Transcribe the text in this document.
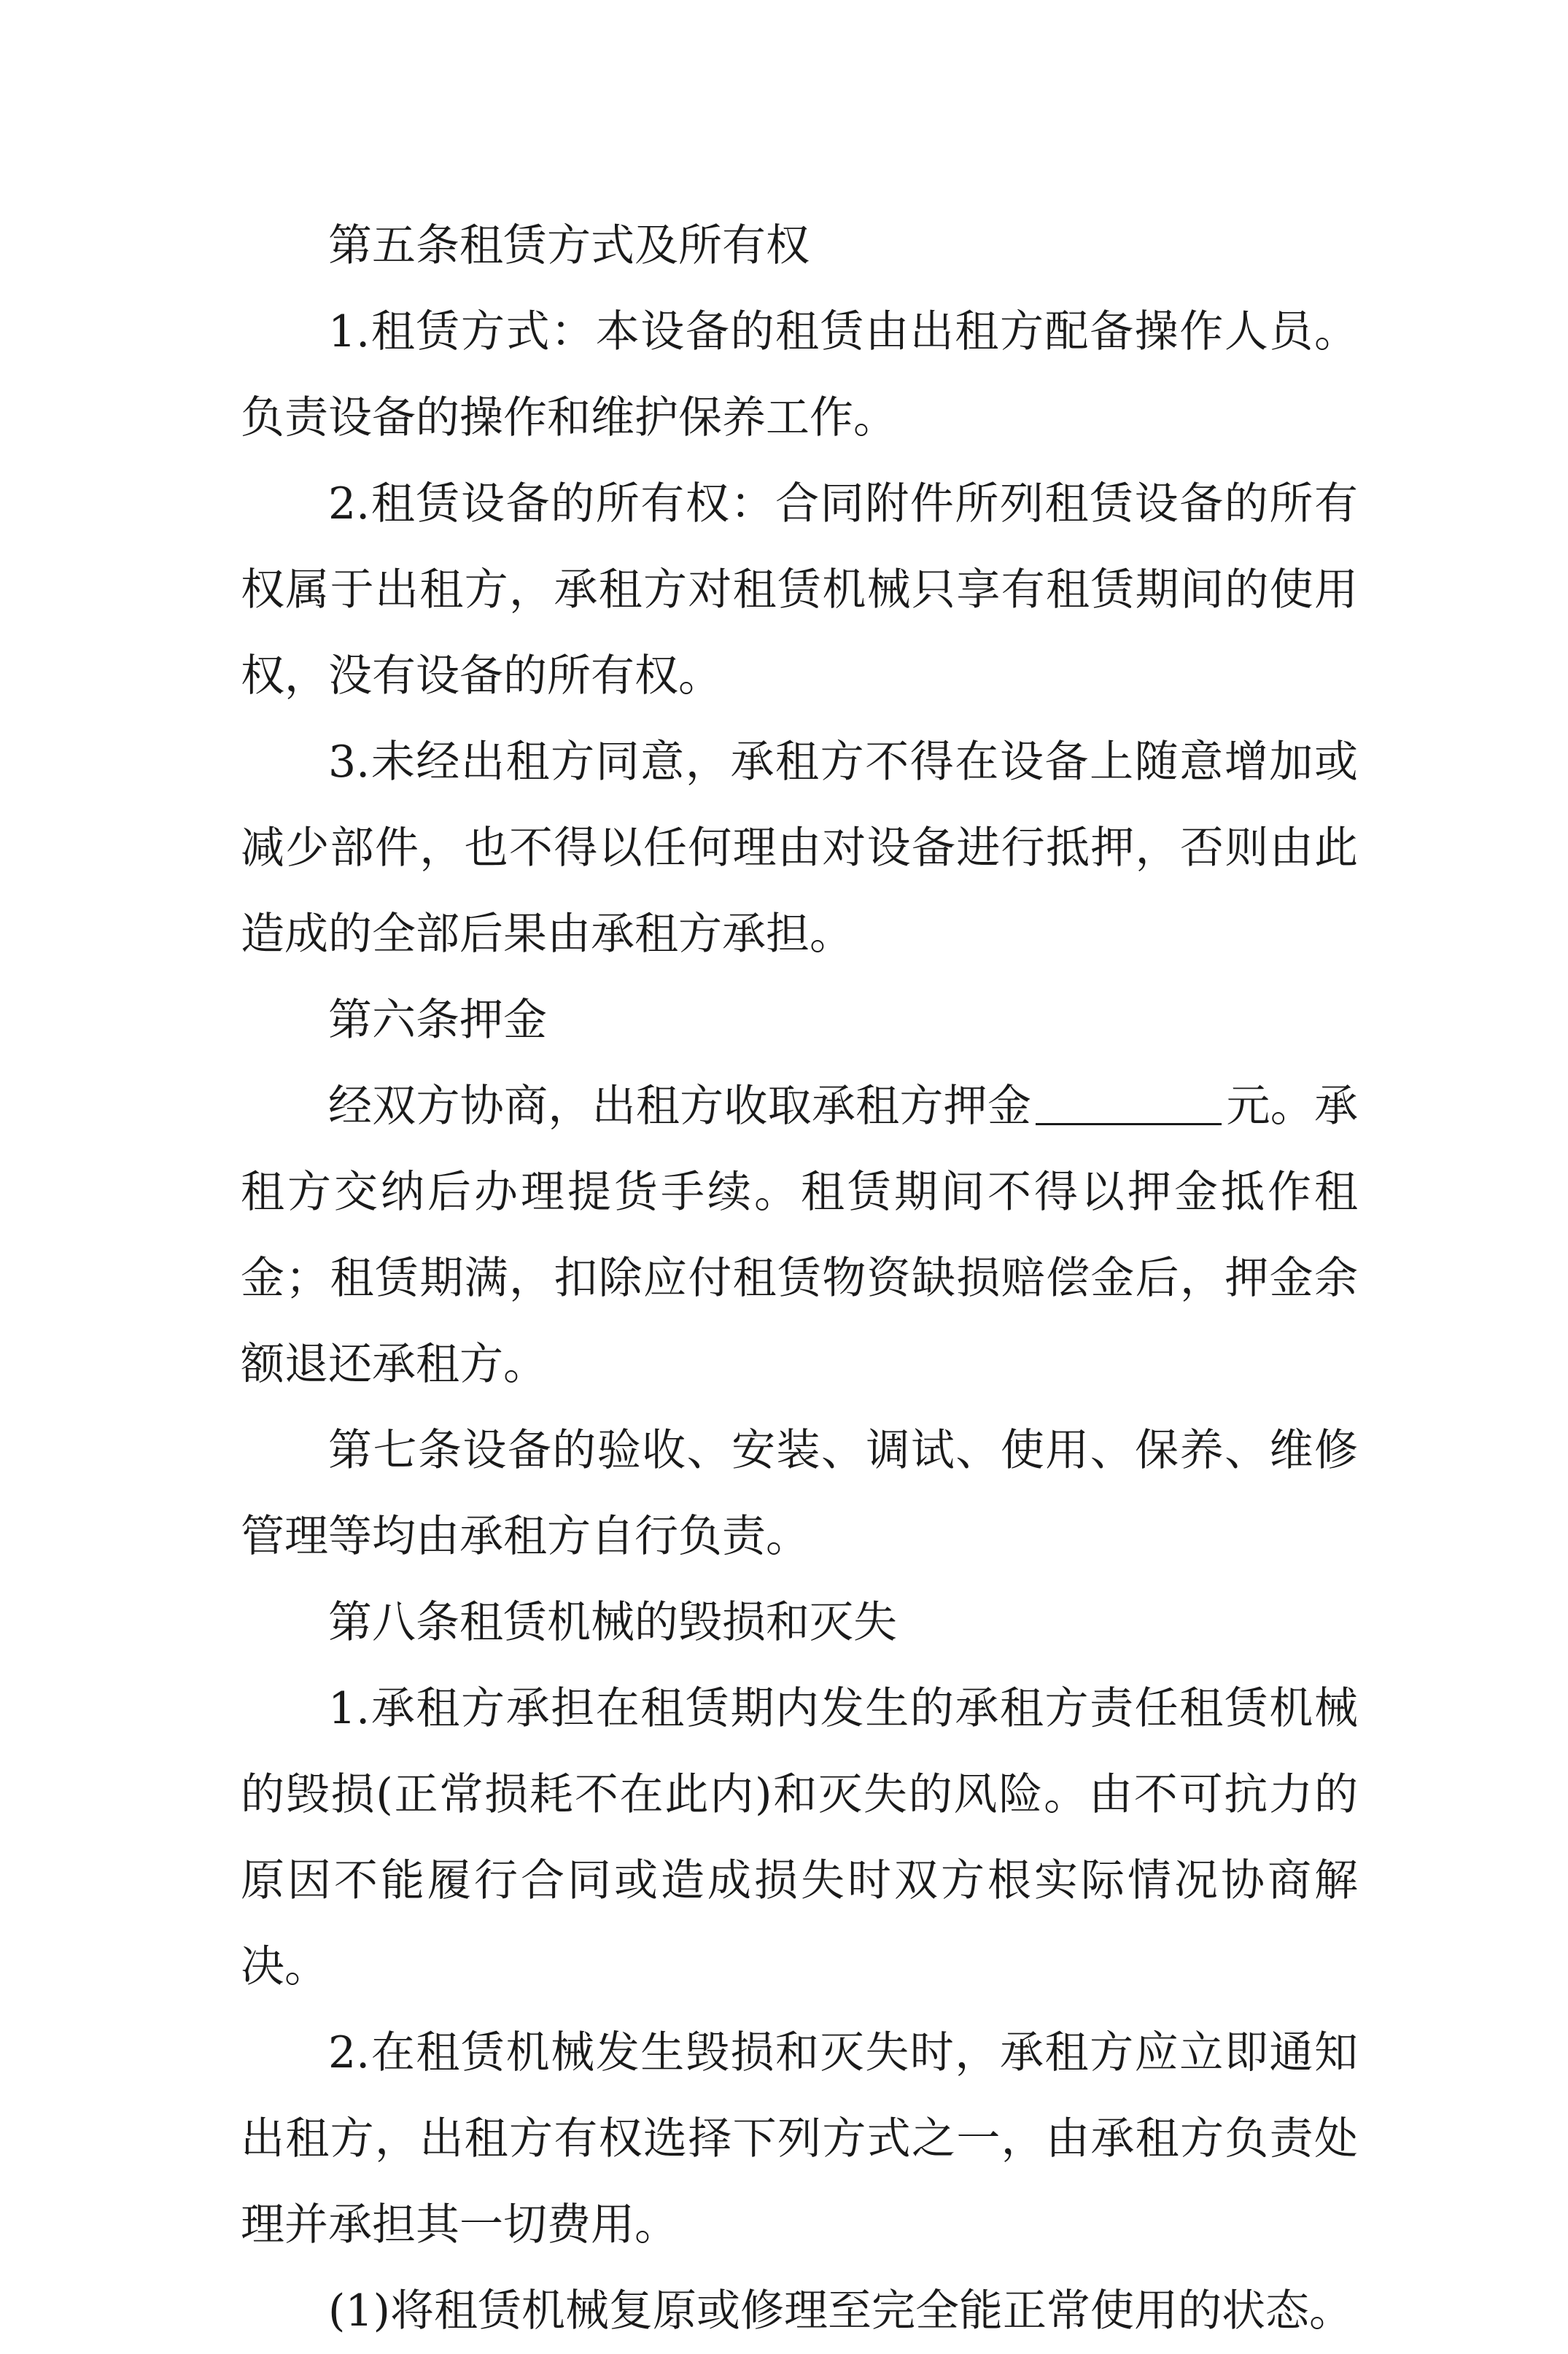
第五条租赁方式及所有权

1.租赁方式：本设备的租赁由出租方配备操作人员。负责设备的操作和维护保养工作。

2.租赁设备的所有权：合同附件所列租赁设备的所有权属于出租方，承租方对租赁机械只享有租赁期间的使用权，没有设备的所有权。

3.未经出租方同意，承租方不得在设备上随意增加或减少部件，也不得以任何理由对设备进行抵押，否则由此造成的全部后果由承租方承担。

第六条押金

经双方协商，出租方收取承租方押金	元。承租方交纳后办理提货手续。租赁期间不得以押金抵作租金；租赁期满，扣除应付租赁物资缺损赔偿金后，押金余额退还承租方。

第七条设备的验收、安装、调试、使用、保养、维修管理等均由承租方自行负责。

第八条租赁机械的毁损和灭失

1.承租方承担在租赁期内发生的承租方责任租赁机械的毁损(正常损耗不在此内)和灭失的风险。由不可抗力的原因不能履行合同或造成损失时双方根实际情况协商解决。

2.在租赁机械发生毁损和灭失时，承租方应立即通知出租方，出租方有权选择下列方式之一，由承租方负责处理并承担其一切费用。

(1)将租赁机械复原或修理至完全能正常使用的状态。
